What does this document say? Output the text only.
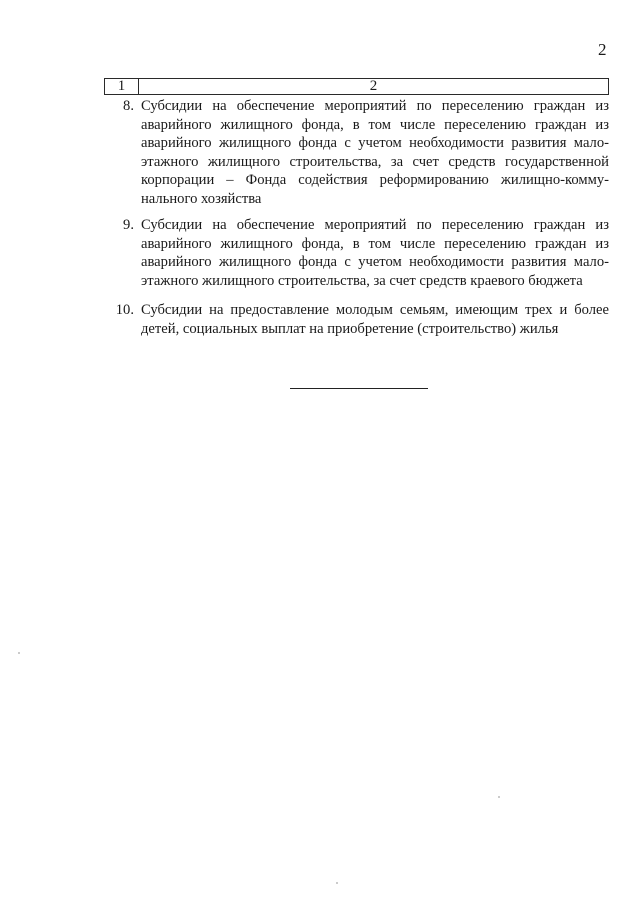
2
1	2
8. Субсидии на обеспечение мероприятий по переселению граждан из
аварийного жилищного фонда, в том числе переселению граждан из
аварийного жилищного фонда с учетом необходимости развития мало-
этажного жилищного строительства, за счет средств государственной
корпорации – Фонда содействия реформированию жилищно-комму-
нального хозяйства
9. Субсидии на обеспечение мероприятий по переселению граждан из
аварийного жилищного фонда, в том числе переселению граждан из
аварийного жилищного фонда с учетом необходимости развития мало-
этажного жилищного строительства, за счет средств краевого бюджета
10. Субсидии на предоставление молодым семьям, имеющим трех и более
детей, социальных выплат на приобретение (строительство) жилья
